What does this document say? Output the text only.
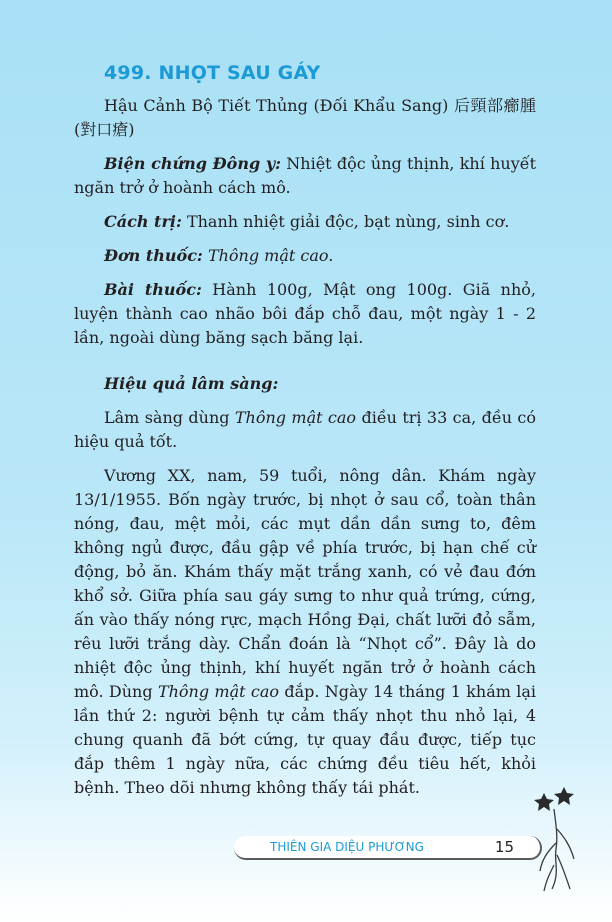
499. NHỌT SAU GÁY

Hậu Cảnh Bộ Tiết Thủng (Đối Khẩu Sang) 后頸部癤腫(對口瘡)

Biện chứng Đông y: Nhiệt độc ủng thịnh, khí huyết ngăn trở ở hoành cách mô.

Cách trị: Thanh nhiệt giải độc, bạt nùng, sinh cơ.

Đơn thuốc: Thông mật cao.

Bài thuốc: Hành 100g, Mật ong 100g. Giã nhỏ, luyện thành cao nhão bôi đắp chỗ đau, một ngày 1 - 2 lần, ngoài dùng băng sạch băng lại.

Hiệu quả lâm sàng:

Lâm sàng dùng Thông mật cao điều trị 33 ca, đều có hiệu quả tốt.

Vương XX, nam, 59 tuổi, nông dân. Khám ngày 13/1/1955. Bốn ngày trước, bị nhọt ở sau cổ, toàn thân nóng, đau, mệt mỏi, các mụt dần dần sưng to, đêm không ngủ được, đầu gập về phía trước, bị hạn chế cử động, bỏ ăn. Khám thấy mặt trắng xanh, có vẻ đau đớn khổ sở. Giữa phía sau gáy sưng to như quả trứng, cứng, ấn vào thấy nóng rực, mạch Hồng Đại, chất lưỡi đỏ sẫm, rêu lưỡi trắng dày. Chẩn đoán là “Nhọt cổ”. Đây là do nhiệt độc ủng thịnh, khí huyết ngăn trở ở hoành cách mô. Dùng Thông mật cao đắp. Ngày 14 tháng 1 khám lại lần thứ 2: người bệnh tự cảm thấy nhọt thu nhỏ lại, 4 chung quanh đã bớt cứng, tự quay đầu được, tiếp tục đắp thêm 1 ngày nữa, các chứng đều tiêu hết, khỏi bệnh. Theo dõi nhưng không thấy tái phát.

THIÊN GIA DIỆU PHƯƠNG	15
